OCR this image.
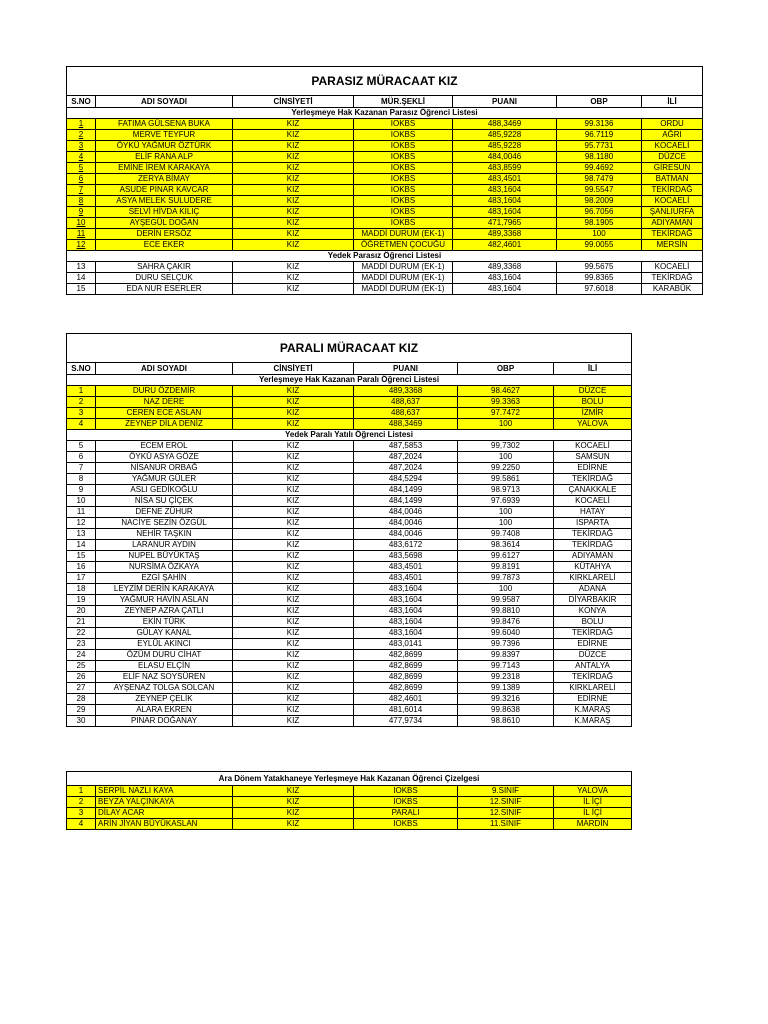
PARASIZ MÜRACAAT KIZ						
S.NO	ADI SOYADI	CİNSİYETİ	MÜR.ŞEKLİ	PUANI	OBP	İLİ
Yerleşmeye Hak Kazanan Parasız Öğrenci Listesi						
1	FATIMA GÜLSENA BUKA	KIZ	IOKBS	488,3469	99.3136	ORDU
2	MERVE TEYFUR	KIZ	IOKBS	485,9228	96.7119	AĞRI
3	ÖYKÜ YAĞMUR ÖZTÜRK	KIZ	IOKBS	485,9228	95.7731	KOCAELİ
4	ELİF RANA ALP	KIZ	IOKBS	484,0046	98.1180	DÜZCE
5	EMİNE İREM KARAKAYA	KIZ	IOKBS	483,8599	99.4692	GİRESUN
6	ZERYA BİMAY	KIZ	IOKBS	483,4501	98.7479	BATMAN
7	ASUDE PINAR KAVCAR	KIZ	IOKBS	483,1604	99.5547	TEKİRDAĞ
8	ASYA MELEK SULUDERE	KIZ	IOKBS	483,1604	98.2009	KOCAELİ
9	SELVİ HİVDA KILIÇ	KIZ	IOKBS	483,1604	96.7056	ŞANLIURFA
10	AYŞEGÜL DOĞAN	KIZ	IOKBS	471,7965	98.1905	ADIYAMAN
11	DERİN ERSÖZ	KIZ	MADDİ DURUM (EK-1)	489,3368	100	TEKİRDAĞ
12	ECE EKER	KIZ	ÖĞRETMEN ÇOCUĞU	482,4601	99.0055	MERSİN
Yedek Parasız Öğrenci Listesi						
13	SAHRA ÇAKIR	KIZ	MADDİ DURUM (EK-1)	489,3368	99.5675	KOCAELİ
14	DURU SELÇUK	KIZ	MADDİ DURUM (EK-1)	483,1604	99.8365	TEKİRDAĞ
15	EDA NUR ESERLER	KIZ	MADDİ DURUM (EK-1)	483,1604	97.6018	KARABÜK
PARALI MÜRACAAT KIZ					
S.NO	ADI SOYADI	CİNSİYETİ	PUANI	OBP	İLİ
Yerleşmeye Hak Kazanan Paralı Öğrenci Listesi					
1	DURU ÖZDEMİR	KIZ	489,3368	98.4627	DÜZCE
2	NAZ DERE	KIZ	488,637	99.3363	BOLU
3	CEREN ECE ASLAN	KIZ	488,637	97.7472	İZMİR
4	ZEYNEP DİLA DENİZ	KIZ	488,3469	100	YALOVA
Yedek Paralı Yatılı Öğrenci Listesi					
5	ECEM EROL	KIZ	487,5853	99,7302	KOCAELİ
6	ÖYKÜ ASYA GÖZE	KIZ	487,2024	100	SAMSUN
7	NİSANUR ORBAĞ	KIZ	487,2024	99.2250	EDİRNE
8	YAĞMUR GÜLER	KIZ	484,5294	99.5861	TEKİRDAĞ
9	ASLI GEDİKOĞLU	KIZ	484,1499	98.9713	ÇANAKKALE
10	NİSA SU ÇİÇEK	KIZ	484,1499	97.6939	KOCAELİ
11	DEFNE ZÜHUR	KIZ	484,0046	100	HATAY
12	NACİYE SEZİN ÖZGÜL	KIZ	484,0046	100	ISPARTA
13	NEHİR TAŞKIN	KIZ	484,0046	99.7408	TEKİRDAĞ
14	LARANUR AYDIN	KIZ	483,6172	98.3614	TEKİRDAĞ
15	NUPEL BÜYÜKTAŞ	KIZ	483,5698	99.6127	ADIYAMAN
16	NURSİMA ÖZKAYA	KIZ	483,4501	99.8191	KÜTAHYA
17	EZGİ ŞAHİN	KIZ	483,4501	99.7873	KIRKLARELİ
18	LEYZİM DERİN KARAKAYA	KIZ	483,1604	100	ADANA
19	YAĞMUR HAVİN ASLAN	KIZ	483,1604	99.9587	DİYARBAKIR
20	ZEYNEP AZRA ÇATLI	KIZ	483,1604	99.8810	KONYA
21	EKİN TÜRK	KIZ	483,1604	99.8476	BOLU
22	GÜLAY KANAL	KIZ	483,1604	99.6040	TEKİRDAĞ
23	EYLÜL AKINCI	KIZ	483,0141	99.7396	EDİRNE
24	ÖZÜM DURU CİHAT	KIZ	482,8699	99.8397	DÜZCE
25	ELASU ELÇİN	KIZ	482,8699	99.7143	ANTALYA
26	ELİF NAZ SOYSÜREN	KIZ	482,8699	99.2318	TEKİRDAĞ
27	AYŞENAZ TOLGA SOLCAN	KIZ	482,8699	99.1389	KIRKLARELİ
28	ZEYNEP ÇELİK	KIZ	482,4601	99.3216	EDİRNE
29	ALARA EKREN	KIZ	481,6014	99.8638	K.MARAŞ
30	PINAR DOĞANAY	KIZ	477,9734	98.8610	K.MARAŞ
Ara Dönem Yatakhaneye Yerleşmeye Hak Kazanan Öğrenci Çizelgesi					
1	SERPİL NAZLI KAYA	KIZ	IOKBS	9.SINIF	YALOVA
2	BEYZA YALÇINKAYA	KIZ	IOKBS	12.SINIF	İL İÇİ
3	DİLAY ACAR	KIZ	PARALI	12.SINIF	İL İÇİ
4	ARİN JİYAN BÜYÜKASLAN	KIZ	IOKBS	11.SINIF	MARDİN
